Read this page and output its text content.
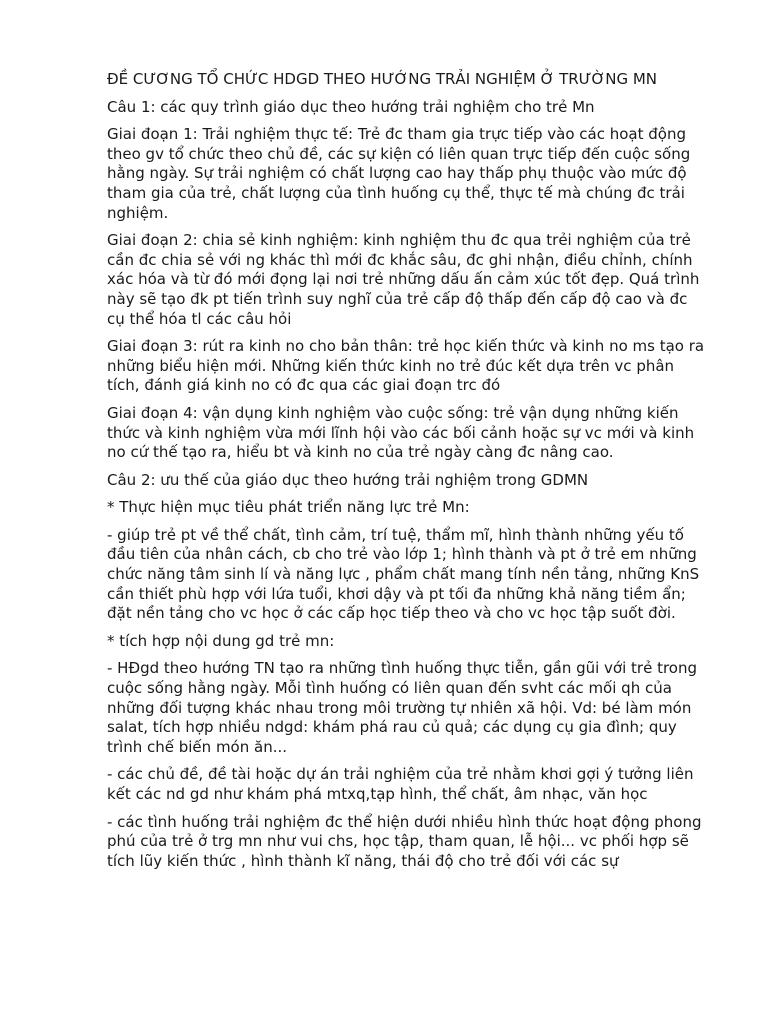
ĐỀ CƯƠNG TỔ CHỨC HDGD THEO HƯỚNG TRẢI NGHIỆM Ở TRƯỜNG MN

Câu 1: các quy trình giáo dục theo hướng trải nghiệm cho trẻ Mn

Giai đoạn 1: Trải nghiệm thực tế: Trẻ đc tham gia trực tiếp vào các hoạt động theo gv tổ chức theo chủ đề, các sự kiện có liên quan trực tiếp đến cuộc sống hằng ngày. Sự trải nghiệm có chất lượng cao hay thấp phụ thuộc vào mức độ tham gia của trẻ, chất lượng của tình huống cụ thể, thực tế mà chúng đc trải nghiệm.

Giai đoạn 2: chia sẻ kinh nghiệm: kinh nghiệm thu đc qua trẻi nghiệm của trẻ cần đc chia sẻ với ng khác thì mới đc khắc sâu, đc ghi nhận, điều chỉnh, chính xác hóa và từ đó mới đọng lại nơi trẻ những dấu ấn cảm xúc tốt đẹp. Quá trình này sẽ tạo đk pt tiến trình suy nghĩ của trẻ cấp độ thấp đến cấp độ cao và đc cụ thể hóa tl các câu hỏi

Giai đoạn 3: rút ra kinh no cho bản thân: trẻ học kiến thức và kinh no ms tạo ra những biểu hiện mới. Những kiến thức kinh no trẻ đúc kết dựa trên vc phân tích, đánh giá kinh no có đc qua các giai đoạn trc đó

Giai đoạn 4: vận dụng kinh nghiệm vào cuộc sống: trẻ vận dụng những kiến thức và kinh nghiệm vừa mới lĩnh hội vào các bối cảnh hoặc sự vc mới và kinh no cứ thế tạo ra, hiểu bt và kinh no của trẻ ngày càng đc nâng cao.

Câu 2: ưu thế của giáo dục theo hướng trải nghiệm trong GDMN

* Thực hiện mục tiêu phát triển năng lực trẻ Mn:

- giúp trẻ pt về thể chất, tình cảm, trí tuệ, thẩm mĩ, hình thành những yếu tố đầu tiên của nhân cách, cb cho trẻ vào lớp 1; hình thành và pt ở trẻ em những chức năng tâm sinh lí và năng lực , phẩm chất mang tính nền tảng, những KnS cần thiết phù hợp với lứa tuổi, khơi dậy và pt tối đa những khả năng tiềm ẩn; đặt nền tảng cho vc học ở các cấp học tiếp theo và cho vc học tập suốt đời.

* tích hợp nội dung gd trẻ mn:

- HĐgd theo hướng TN tạo ra những tình huống thực tiễn, gần gũi với trẻ trong cuộc sống hằng ngày. Mỗi tình huống có liên quan đến svht các mối qh của những đối tượng khác nhau trong môi trường tự nhiên xã hội. Vd: bé làm món salat, tích hợp nhiều ndgd: khám phá rau củ quả; các dụng cụ gia đình; quy trình chế biến món ăn...

- các chủ đề, đề tài hoặc dự án trải nghiệm của trẻ nhằm khơi gợi ý tưởng liên kết các nd gd như khám phá mtxq,tạp hình, thể chất, âm nhạc, văn học

- các tình huống trải nghiệm đc thể hiện dưới nhiều hình thức hoạt động phong phú của trẻ ở trg mn như vui chs, học tập, tham quan, lễ hội... vc phối hợp sẽ tích lũy kiến thức , hình thành kĩ năng, thái độ cho trẻ đối với các sự
